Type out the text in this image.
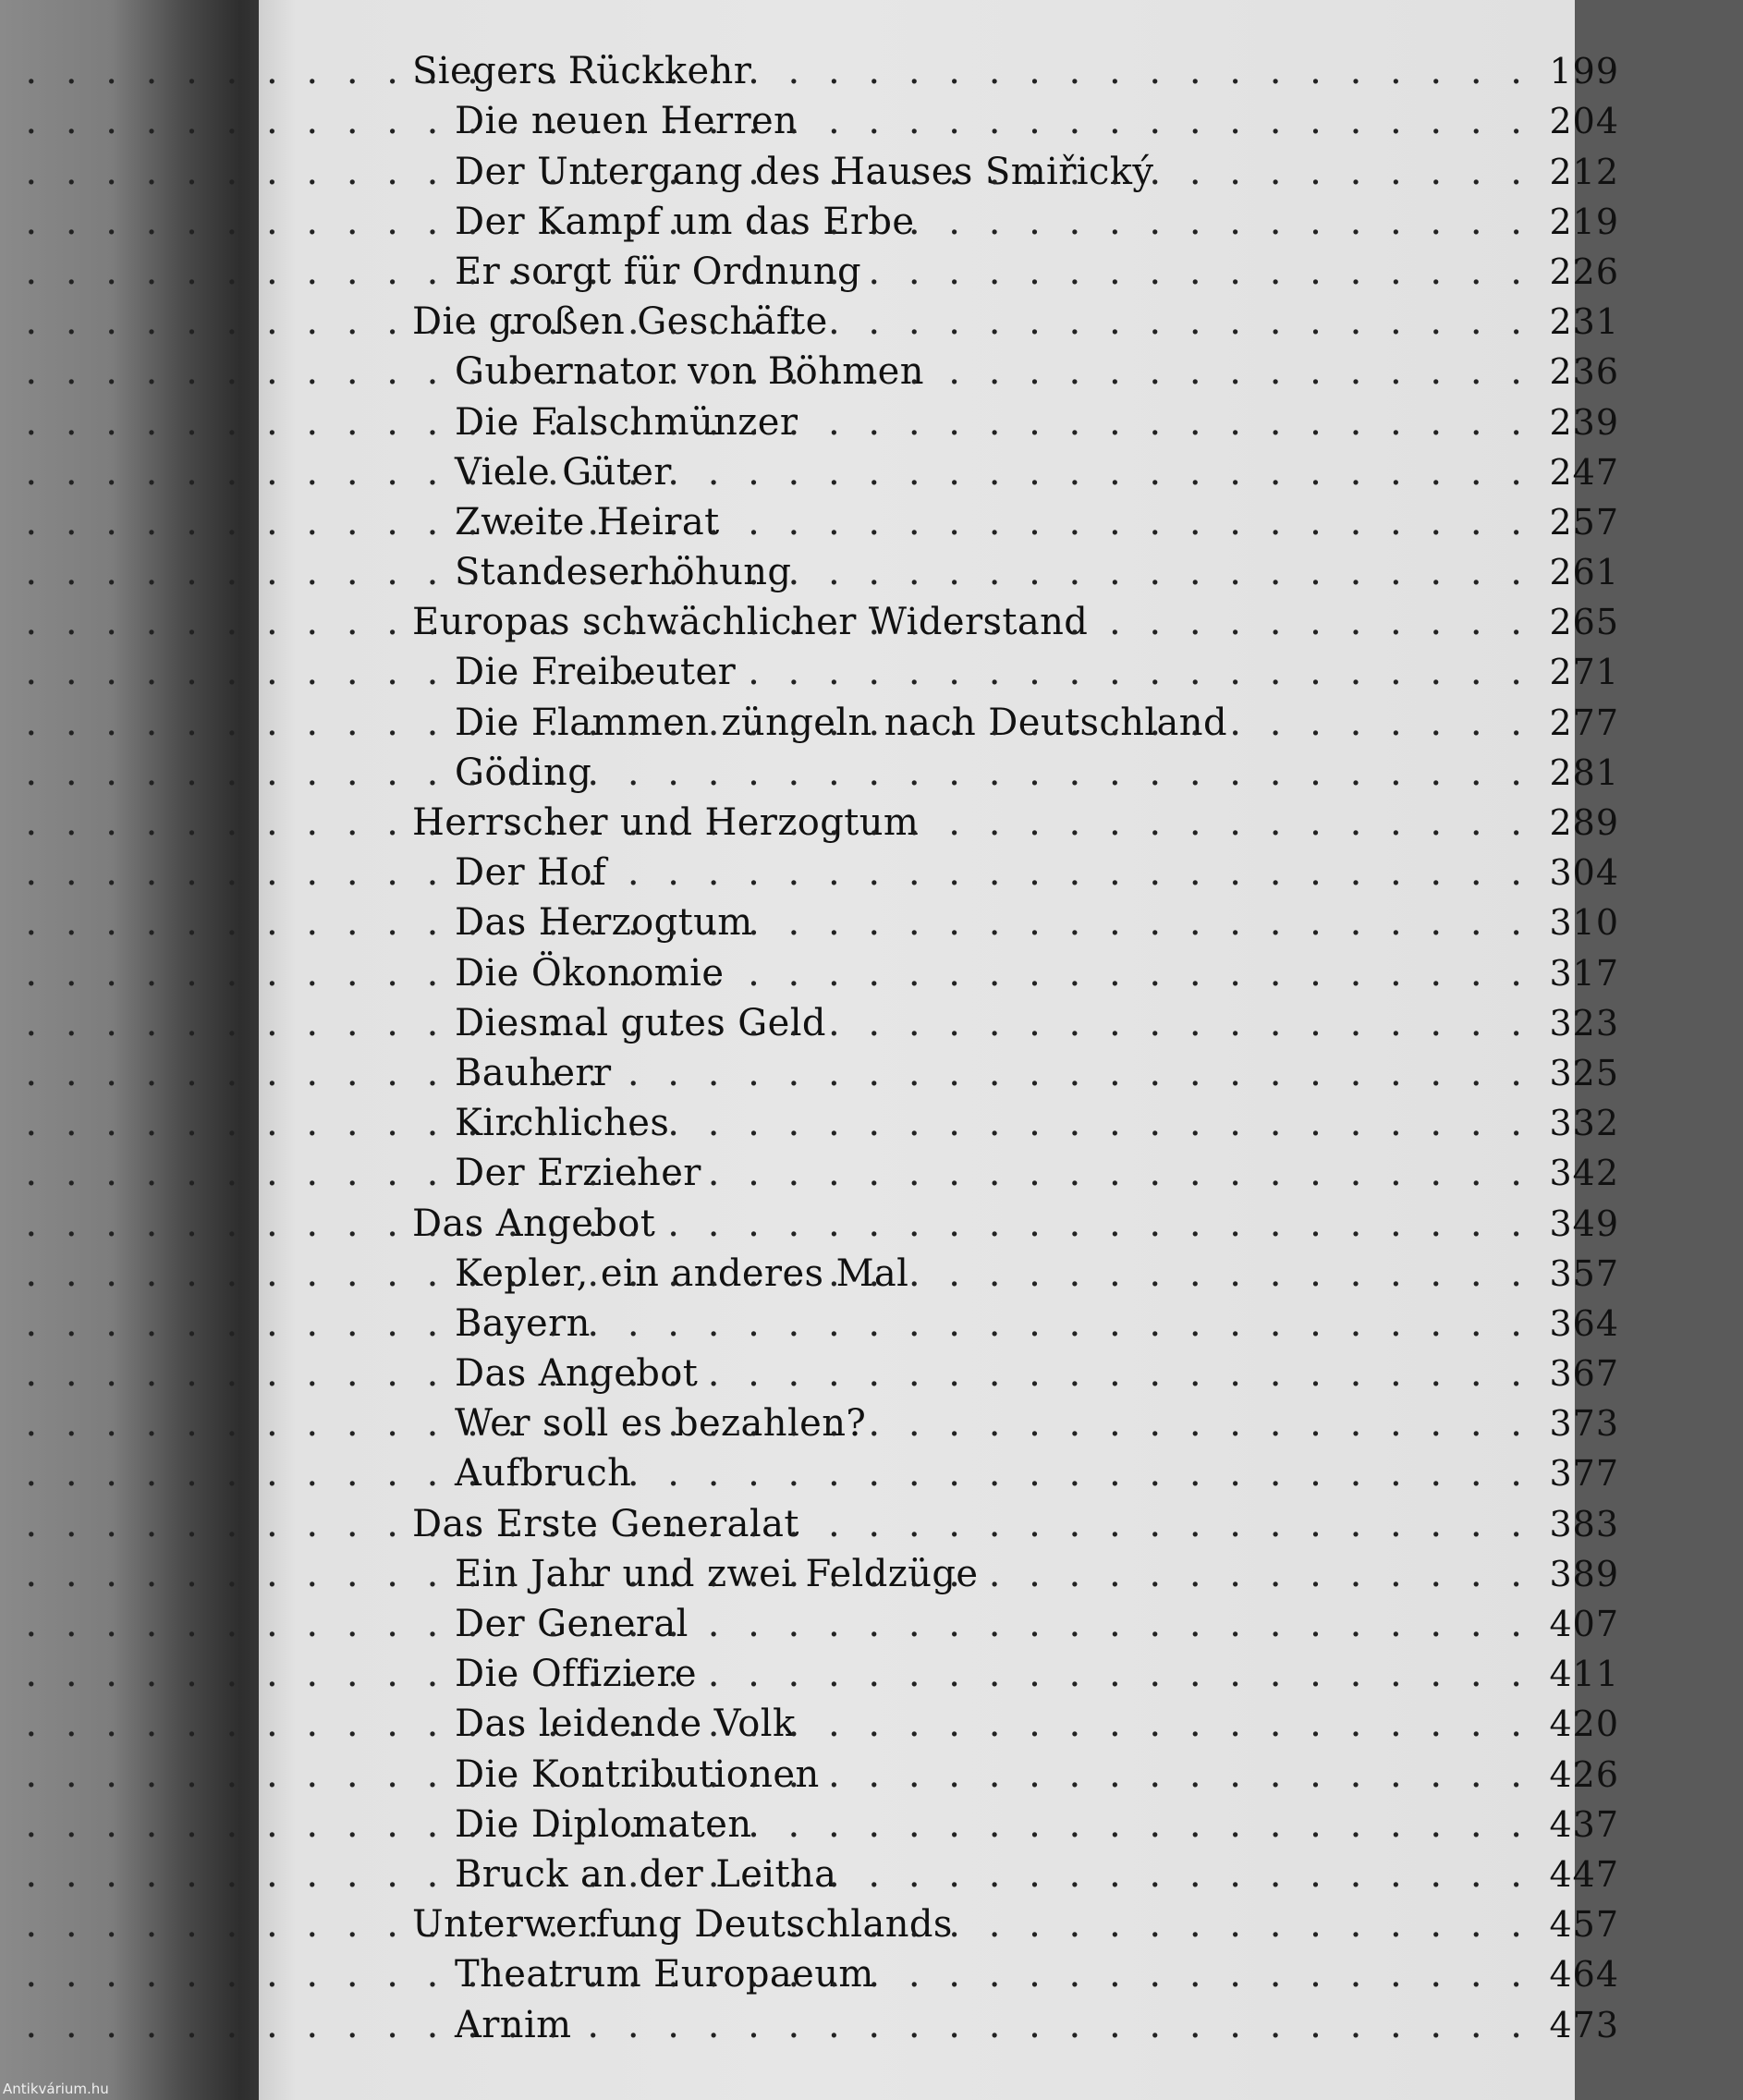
Siegers Rückkehr . . .	199
Die neuen Herren . . .	204
Der Untergang des Hauses Smiřický . . .	212
Der Kampf um das Erbe . . .	219
Er sorgt für Ordnung . . .	226
Die großen Geschäfte . . .	231
Gubernator von Böhmen . . .	236
Die Falschmünzer . . .	239
Viele Güter . . .	247
Zweite Heirat . . .	257
Standeserhöhung . . .	261
Europas schwächlicher Widerstand . . .	265
Die Freibeuter . . .	271
Die Flammen züngeln nach Deutschland . . .	277
Göding . . .	281
Herrscher und Herzogtum . . .	289
Der Hof . . .	304
Das Herzogtum . . .	310
Die Ökonomie . . .	317
Diesmal gutes Geld . . .	323
Bauherr . . .	325
Kirchliches . . .	332
Der Erzieher . . .	342
Das Angebot . . .	349
Kepler, ein anderes Mal . . .	357
Bayern . . .	364
Das Angebot . . .	367
Wer soll es bezahlen? . . .	373
Aufbruch . . .	377
Das Erste Generalat . . .	383
Ein Jahr und zwei Feldzüge . . .	389
Der General . . .	407
Die Offiziere . . .	411
Das leidende Volk . . .	420
Die Kontributionen . . .	426
Die Diplomaten . . .	437
Bruck an der Leitha . . .	447
Unterwerfung Deutschlands . . .	457
Theatrum Europaeum . . .	464
Arnim . . .	473
Antikvárium.hu
